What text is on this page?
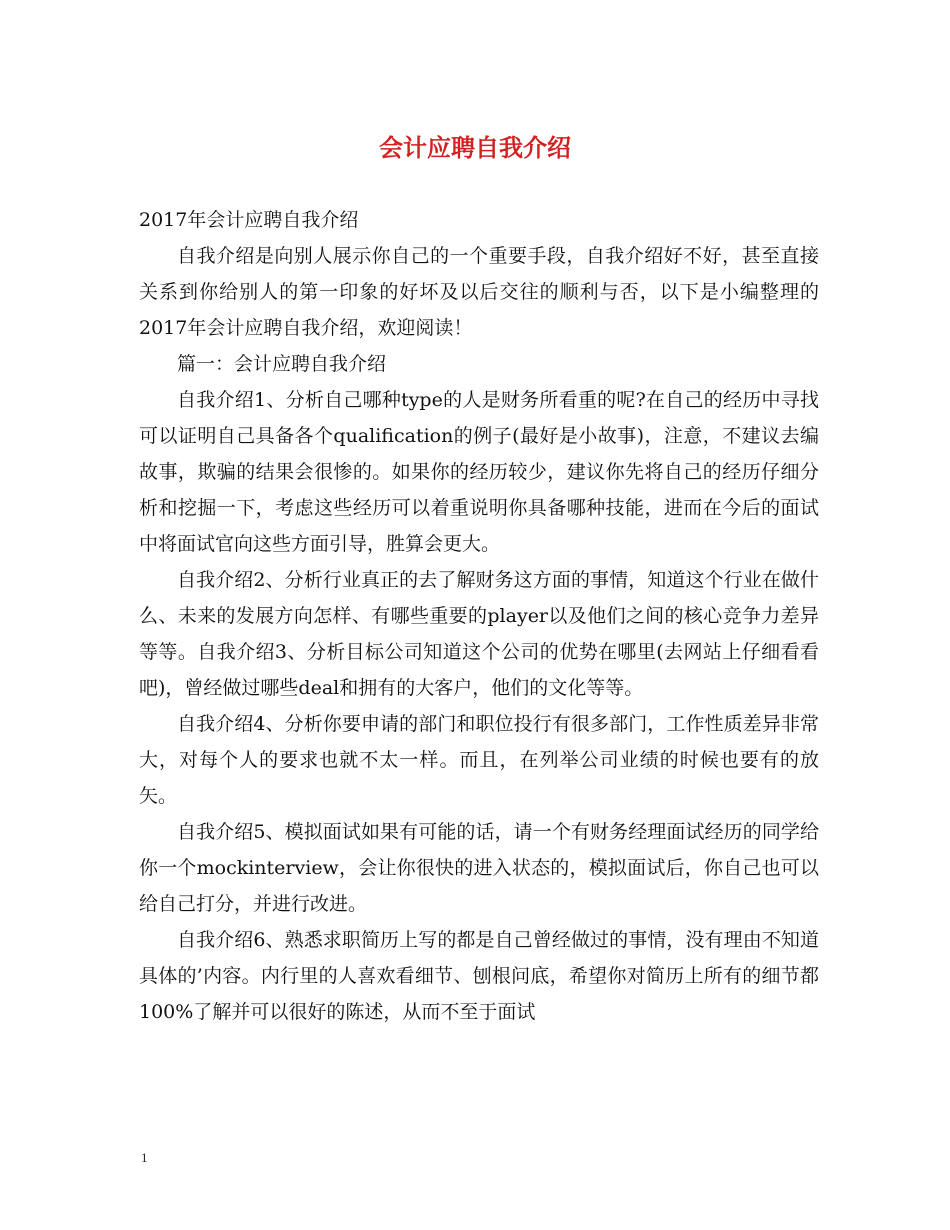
会计应聘自我介绍

2017年会计应聘自我介绍

自我介绍是向别人展示你自己的一个重要手段，自我介绍好不好，甚至直接关系到你给别人的第一印象的好坏及以后交往的顺利与否，以下是小编整理的2017年会计应聘自我介绍，欢迎阅读！

篇一：会计应聘自我介绍

自我介绍1、分析自己哪种type的人是财务所看重的呢?在自己的经历中寻找可以证明自己具备各个qualification的例子(最好是小故事)，注意，不建议去编故事，欺骗的结果会很惨的。如果你的经历较少，建议你先将自己的经历仔细分析和挖掘一下，考虑这些经历可以着重说明你具备哪种技能，进而在今后的面试中将面试官向这些方面引导，胜算会更大。

自我介绍2、分析行业真正的去了解财务这方面的事情，知道这个行业在做什么、未来的发展方向怎样、有哪些重要的player以及他们之间的核心竞争力差异等等。自我介绍3、分析目标公司知道这个公司的优势在哪里(去网站上仔细看看吧)，曾经做过哪些deal和拥有的大客户，他们的文化等等。

自我介绍4、分析你要申请的部门和职位投行有很多部门，工作性质差异非常大，对每个人的要求也就不太一样。而且，在列举公司业绩的时候也要有的放矢。

自我介绍5、模拟面试如果有可能的话，请一个有财务经理面试经历的同学给你一个mockinterview，会让你很快的进入状态的，模拟面试后，你自己也可以给自己打分，并进行改进。

自我介绍6、熟悉求职简历上写的都是自己曾经做过的事情，没有理由不知道具体的’内容。内行里的人喜欢看细节、刨根问底，希望你对简历上所有的细节都100%了解并可以很好的陈述，从而不至于面试

1
